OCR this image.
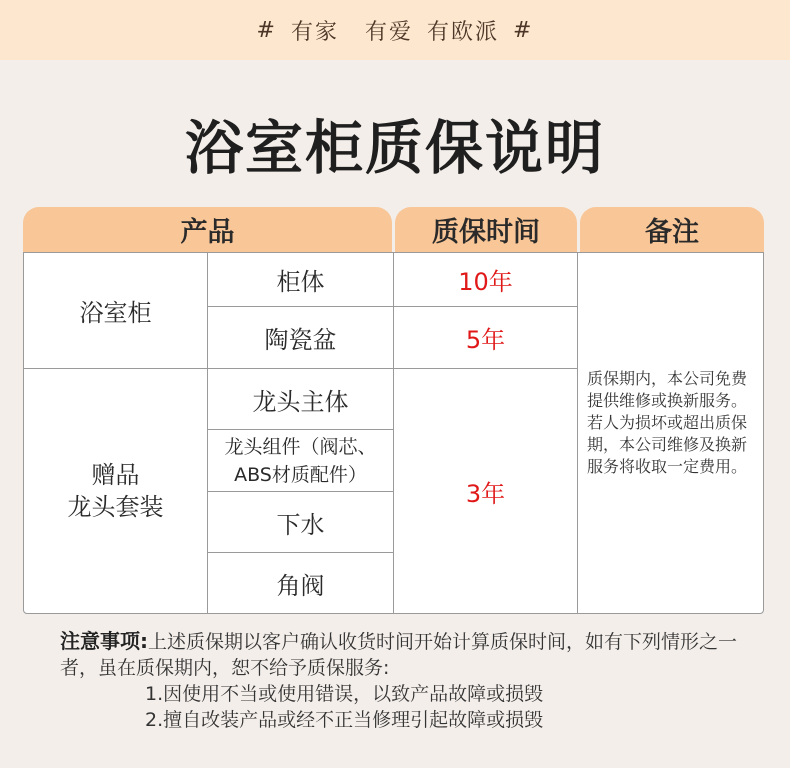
# 有家 有爱 有欧派 #
浴室柜质保说明
产品	质保时间	备注
浴室柜
柜体
陶瓷盆
10年
5年
赠品
龙头套装
龙头主体
龙头组件（阀芯、
ABS材质配件）
下水
角阀
3年
质保期内，本公司免费提供维修或换新服务。若人为损坏或超出质保期，本公司维修及换新服务将收取一定费用。
注意事项:上述质保期以客户确认收货时间开始计算质保时间，如有下列情形之一者，虽在质保期内，恕不给予质保服务:
1.因使用不当或使用错误，以致产品故障或损毁
2.擅自改装产品或经不正当修理引起故障或损毁
